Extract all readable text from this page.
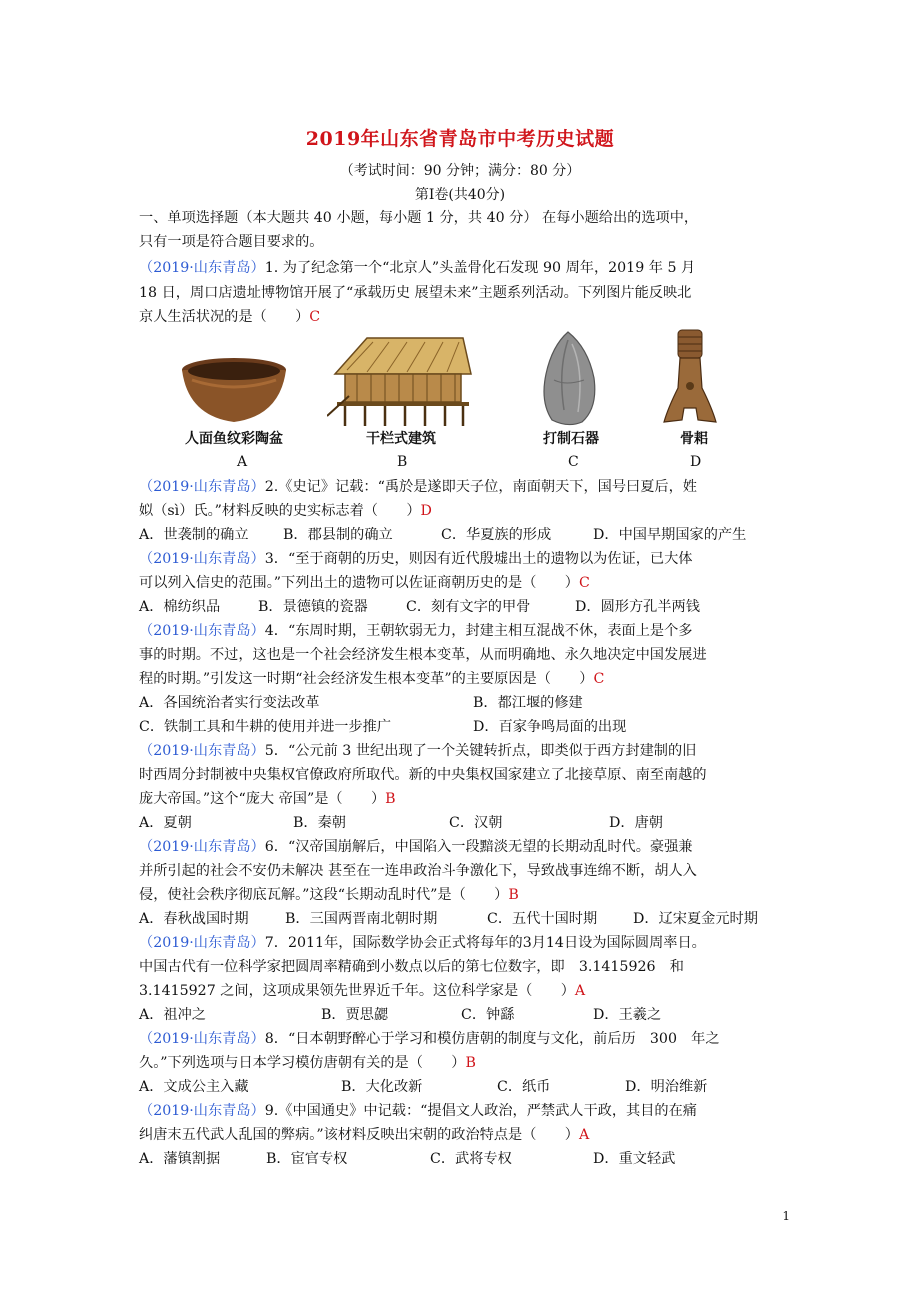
2019年山东省青岛市中考历史试题
（考试时间：90 分钟；满分：80 分）
第Ⅰ卷(共40分)
一、单项选择题（本大题共 40 小题，每小题 1 分，共 40 分） 在每小题给出的选项中，
只有一项是符合题目要求的。
（2019·山东青岛）1. 为了纪念第一个“北京人”头盖骨化石发现 90 周年，2019 年 5 月
18 日，周口店遗址博物馆开展了“承载历史 展望未来”主题系列活动。下列图片能反映北
京人生活状况的是（　　）C
人面鱼纹彩陶盆	干栏式建筑	打制石器	骨耜
A	B	C	D
（2019·山东青岛）2.《史记》记载：“禹於是遂即天子位，南面朝天下，国号曰夏后，姓
姒（sì）氏。”材料反映的史实标志着（　　）D
A．世袭制的确立 B．郡县制的确立	C．华夏族的形成	D．中国早期国家的产生
（2019·山东青岛）3．“至于商朝的历史，则因有近代殷墟出土的遗物以为佐证，已大体
可以列入信史的范围。”下列出土的遗物可以佐证商朝历史的是（　　）C
A．棉纺织品	B．景德镇的瓷器	C．刻有文字的甲骨	D．圆形方孔半两钱
（2019·山东青岛）4．“东周时期，王朝软弱无力，封建主相互混战不休，表面上是个多
事的时期。不过，这也是一个社会经济发生根本变革，从而明确地、永久地决定中国发展进
程的时期。”引发这一时期“社会经济发生根本变革”的主要原因是（　　）C
A．各国统治者实行变法改革	B．都江堰的修建
C．铁制工具和牛耕的使用并进一步推广	D．百家争鸣局面的出现
（2019·山东青岛）5．“公元前 3 世纪出现了一个关键转折点，即类似于西方封建制的旧
时西周分封制被中央集权官僚政府所取代。新的中央集权国家建立了北接草原、南至南越的
庞大帝国。”这个“庞大 帝国”是（　　）B
A．夏朝	B．秦朝	C．汉朝	D．唐朝
（2019·山东青岛）6．“汉帝国崩解后，中国陷入一段黯淡无望的长期动乱时代。豪强兼
并所引起的社会不安仍未解决 甚至在一连串政治斗争激化下，导致战事连绵不断，胡人入
侵，使社会秩序彻底瓦解。”这段“长期动乱时代”是（　　）B
A．春秋战国时期	B．三国两晋南北朝时期	C．五代十国时期	D．辽宋夏金元时期
（2019·山东青岛）7．2011年，国际数学协会正式将每年的3月14日设为国际圆周率日。
中国古代有一位科学家把圆周率精确到小数点以后的第七位数字，即　3.1415926　和
3.1415927 之间，这项成果领先世界近千年。这位科学家是（　　）A
A．祖冲之	B．贾思勰	C．钟繇	D．王羲之
（2019·山东青岛）8．“日本朝野醉心于学习和模仿唐朝的制度与文化，前后历　300　年之
久。”下列选项与日本学习模仿唐朝有关的是（　　）B
A．文成公主入藏	B．大化改新	C．纸币	D．明治维新
（2019·山东青岛）9.《中国通史》中记载：“提倡文人政治，严禁武人干政，其目的在痛
纠唐末五代武人乱国的弊病。”该材料反映出宋朝的政治特点是（　　）A
A．藩镇割据	B．宦官专权	C．武将专权	D．重文轻武
1
